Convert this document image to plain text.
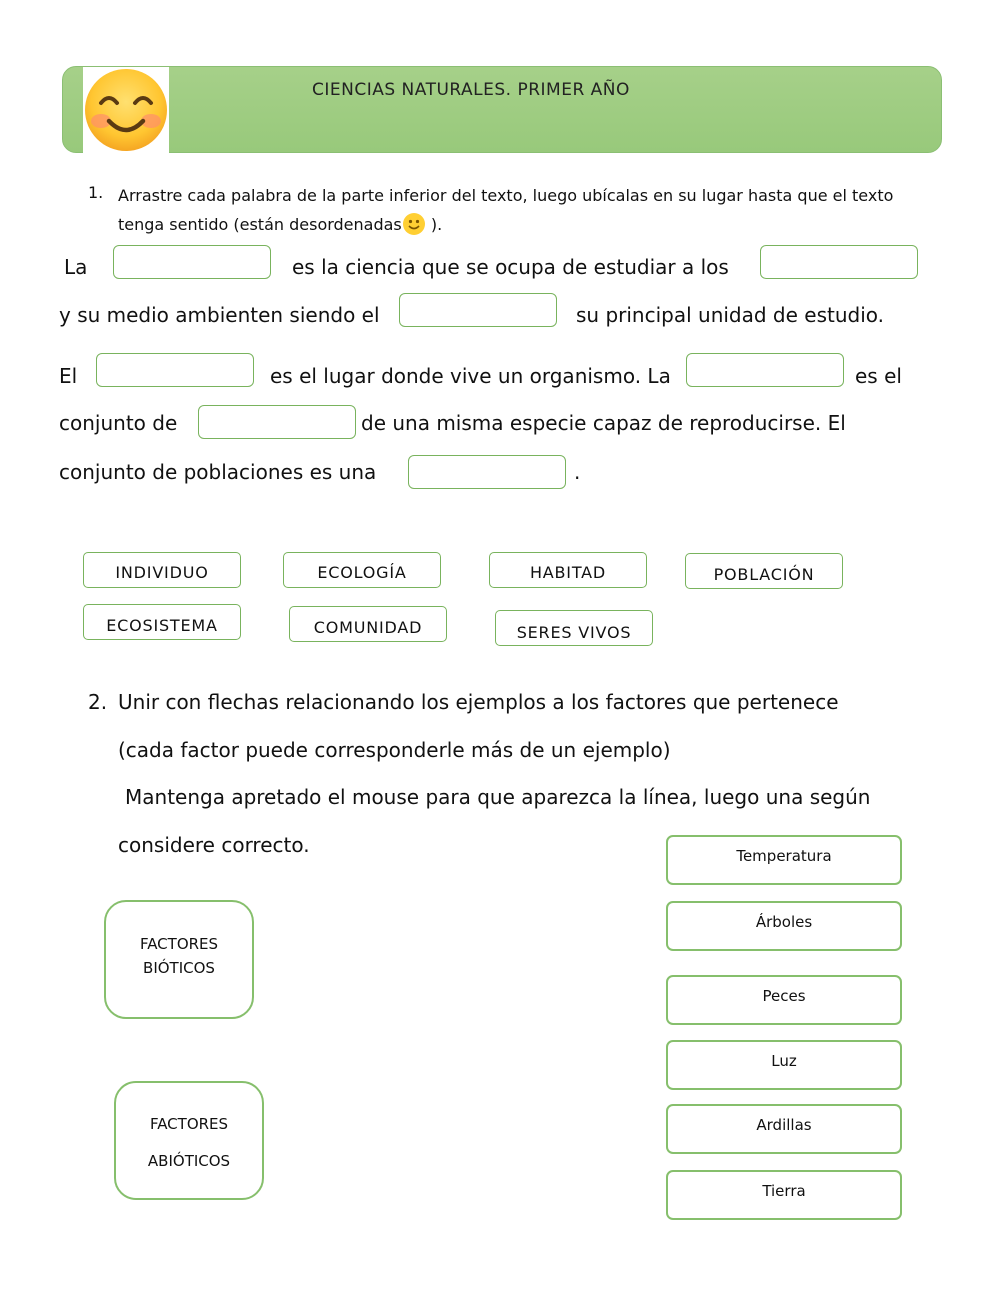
CIENCIAS NATURALES. PRIMER AÑO
1. Arrastre cada palabra de la parte inferior del texto, luego ubícalas en su lugar hasta que el texto tenga sentido (están desordenadas ).
La	es la ciencia que se ocupa de estudiar a los
y su medio ambienten siendo el	su principal unidad de estudio.
El	es el lugar donde vive un organismo. La	es el
conjunto de	de una misma especie capaz de reproducirse. El
conjunto de poblaciones es una	.
INDIVIDUO	ECOLOGÍA	HABITAD	POBLACIÓN
ECOSISTEMA	COMUNIDAD	SERES VIVOS
2. Unir con flechas relacionando los ejemplos a los factores que pertenece
(cada factor puede corresponderle más de un ejemplo)
Mantenga apretado el mouse para que aparezca la línea, luego una según
considere correcto.
FACTORES
BIÓTICOS
FACTORES
ABIÓTICOS
Temperatura
Árboles
Peces
Luz
Ardillas
Tierra
